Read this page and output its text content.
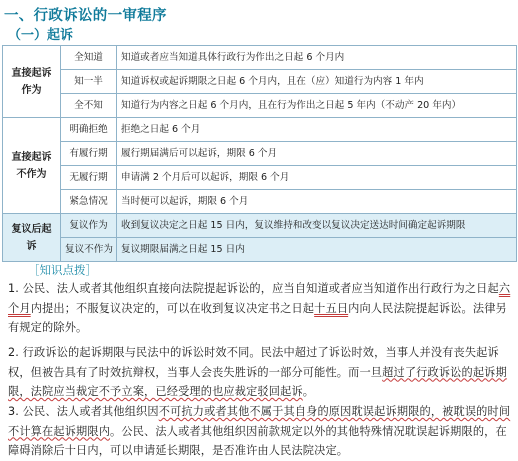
一、行政诉讼的一审程序
（一）起诉
直接起诉作为	全知道	知道或者应当知道具体行政行为作出之日起 6 个月内
	知一半	知道诉权或起诉期限之日起 6 个月内，且在（应）知道行为内容 1 年内
	全不知	知道行为内容之日起 6 个月内，且在行为作出之日起 5 年内（不动产 20 年内）
直接起诉不作为	明确拒绝	拒绝之日起 6 个月
	有履行期	履行期届满后可以起诉，期限 6 个月
	无履行期	申请满 2 个月后可以起诉，期限 6 个月
	紧急情况	当时便可以起诉，期限 6 个月
复议后起诉	复议作为	收到复议决定之日起 15 日内，复议维持和改变以复议决定送达时间确定起诉期限
	复议不作为	复议期限届满之日起 15 日内
［知识点拨］
1. 公民、法人或者其他组织直接向法院提起诉讼的，应当自知道或者应当知道作出行政行为之日起六个月内提出；不服复议决定的，可以在收到复议决定书之日起十五日内向人民法院提起诉讼。法律另有规定的除外。
2. 行政诉讼的起诉期限与民法中的诉讼时效不同。民法中超过了诉讼时效，当事人并没有丧失起诉权，但被告具有了时效抗辩权，当事人会丧失胜诉的一部分可能性。而一旦超过了行政诉讼的起诉期限，法院应当裁定不予立案，已经受理的也应裁定驳回起诉。
3. 公民、法人或者其他组织因不可抗力或者其他不属于其自身的原因耽误起诉期限的，被耽误的时间不计算在起诉期限内。公民、法人或者其他组织因前款规定以外的其他特殊情况耽误起诉期限的，在障碍消除后十日内，可以申请延长期限，是否准许由人民法院决定。
